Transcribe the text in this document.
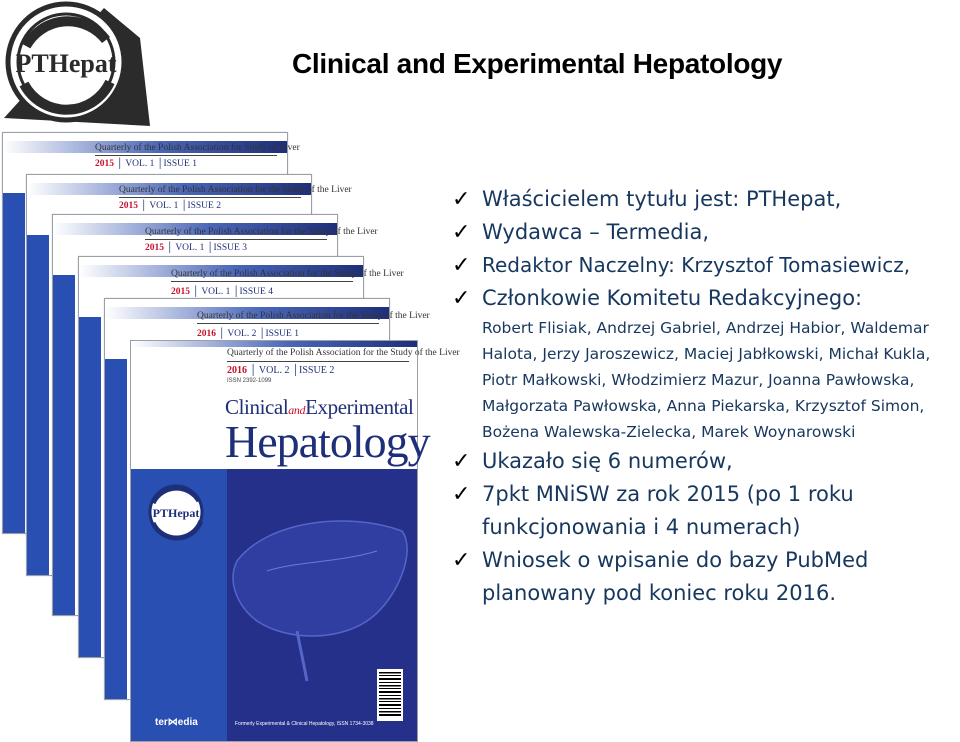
PTHepat	Clinical and Experimental Hepatology
Quarterly of the Polish Association for Study of Liver
2015 │ VOL. 1 │ISSUE 1
Quarterly of the Polish Association for the Study of the Liver
2015 │ VOL. 1 │ISSUE 2
Quarterly of the Polish Association for the Study of the Liver
2015 │ VOL. 1 │ISSUE 3
Quarterly of the Polish Association for the Study of the Liver
2015 │ VOL. 1 │ISSUE 4
Quarterly of the Polish Association for the Study of the Liver
2016 │ VOL. 2 │ISSUE 1
Quarterly of the Polish Association for the Study of the Liver
2016 │ VOL. 2 │ISSUE 2
ISSN 2392-1099
ClinicalandExperimental
Hepatology
PTHepat
ter⋈edia	Formerly Experimental & Clinical Hepatology, ISSN 1734-3038
✓ Właścicielem tytułu jest: PTHepat,
✓ Wydawca – Termedia,
✓ Redaktor Naczelny: Krzysztof Tomasiewicz,
✓ Członkowie Komitetu Redakcyjnego:
Robert Flisiak, Andrzej Gabriel, Andrzej Habior, Waldemar Halota, Jerzy Jaroszewicz, Maciej Jabłkowski, Michał Kukla, Piotr Małkowski, Włodzimierz Mazur, Joanna Pawłowska, Małgorzata Pawłowska, Anna Piekarska, Krzysztof Simon, Bożena Walewska-Zielecka, Marek Woynarowski
✓ Ukazało się 6 numerów,
✓ 7pkt MNiSW za rok 2015 (po 1 roku funkcjonowania i 4 numerach)
✓ Wniosek o wpisanie do bazy PubMed planowany pod koniec roku 2016.
